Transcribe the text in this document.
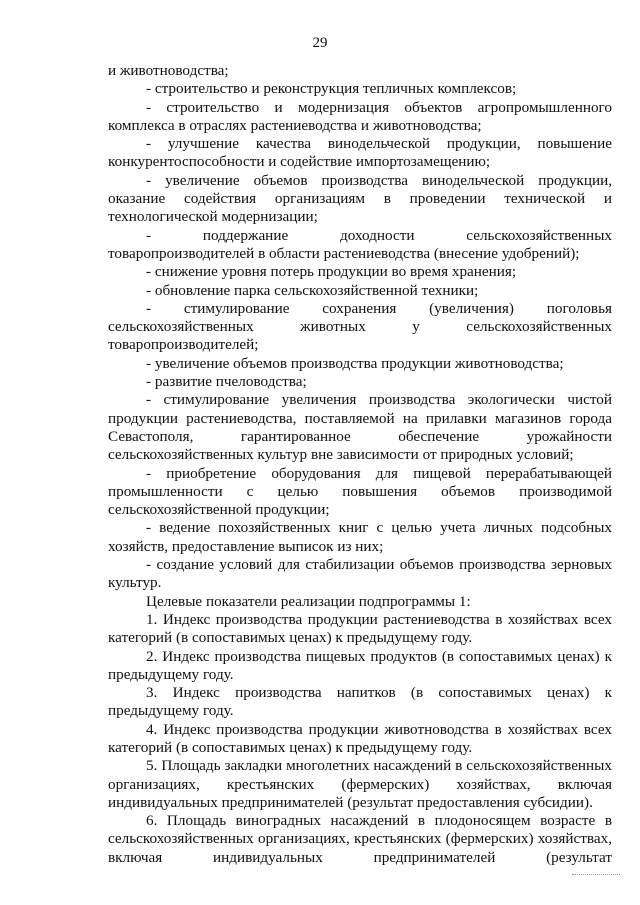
29

и животноводства;

- строительство и реконструкция тепличных комплексов;

- строительство и модернизация объектов агропромышленного комплекса в отраслях растениеводства и животноводства;

- улучшение качества винодельческой продукции, повышение конкурентоспособности и содействие импортозамещению;

- увеличение объемов производства винодельческой продукции, оказание содействия организациям в проведении технической и технологической модернизации;

- поддержание доходности сельскохозяйственных товаропроизводителей в области растениеводства (внесение удобрений);

- снижение уровня потерь продукции во время хранения;

- обновление парка сельскохозяйственной техники;

- стимулирование сохранения (увеличения) поголовья сельскохозяйственных животных у сельскохозяйственных товаропроизводителей;

- увеличение объемов производства продукции животноводства;

- развитие пчеловодства;

- стимулирование увеличения производства экологически чистой продукции растениеводства, поставляемой на прилавки магазинов города Севастополя, гарантированное обеспечение урожайности сельскохозяйственных культур вне зависимости от природных условий;

- приобретение оборудования для пищевой перерабатывающей промышленности с целью повышения объемов производимой сельскохозяйственной продукции;

- ведение похозяйственных книг с целью учета личных подсобных хозяйств, предоставление выписок из них;

- создание условий для стабилизации объемов производства зерновых культур.

Целевые показатели реализации подпрограммы 1:

1. Индекс производства продукции растениеводства в хозяйствах всех категорий (в сопоставимых ценах) к предыдущему году.

2. Индекс производства пищевых продуктов (в сопоставимых ценах) к предыдущему году.

3. Индекс производства напитков (в сопоставимых ценах) к предыдущему году.

4. Индекс производства продукции животноводства в хозяйствах всех категорий (в сопоставимых ценах) к предыдущему году.

5. Площадь закладки многолетних насаждений в сельскохозяйственных организациях, крестьянских (фермерских) хозяйствах, включая индивидуальных предпринимателей (результат предоставления субсидии).

6. Площадь виноградных насаждений в плодоносящем возрасте в сельскохозяйственных организациях, крестьянских (фермерских) хозяйствах, включая индивидуальных предпринимателей (результат
